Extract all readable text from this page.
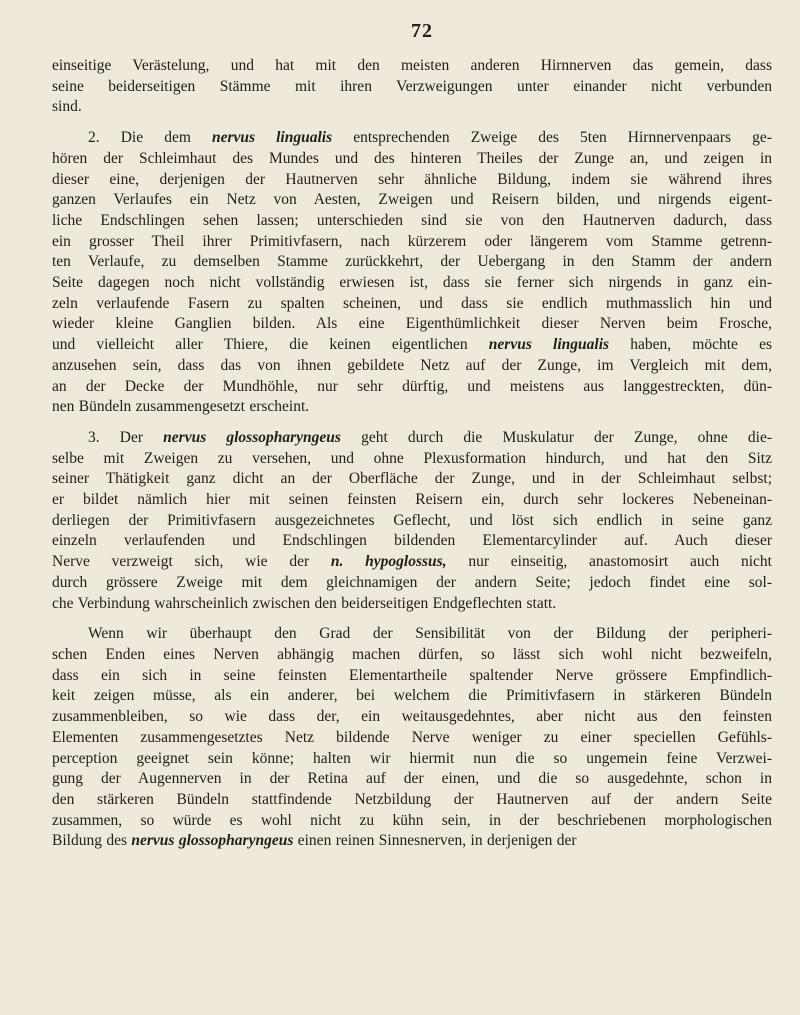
72

einseitige Verästelung, und hat mit den meisten anderen Hirnnerven das gemein, dass
seine beiderseitigen Stämme mit ihren Verzweigungen unter einander nicht verbunden
sind.

2. Die dem nervus lingualis entsprechenden Zweige des 5ten Hirnnervenpaars ge-
hören der Schleimhaut des Mundes und des hinteren Theiles der Zunge an, und zeigen in
dieser eine, derjenigen der Hautnerven sehr ähnliche Bildung, indem sie während ihres
ganzen Verlaufes ein Netz von Aesten, Zweigen und Reisern bilden, und nirgends eigent-
liche Endschlingen sehen lassen; unterschieden sind sie von den Hautnerven dadurch, dass
ein grosser Theil ihrer Primitivfasern, nach kürzerem oder längerem vom Stamme getrenn-
ten Verlaufe, zu demselben Stamme zurückkehrt, der Uebergang in den Stamm der andern
Seite dagegen noch nicht vollständig erwiesen ist, dass sie ferner sich nirgends in ganz ein-
zeln verlaufende Fasern zu spalten scheinen, und dass sie endlich muthmasslich hin und
wieder kleine Ganglien bilden. Als eine Eigenthümlichkeit dieser Nerven beim Frosche,
und vielleicht aller Thiere, die keinen eigentlichen nervus lingualis haben, möchte es
anzusehen sein, dass das von ihnen gebildete Netz auf der Zunge, im Vergleich mit dem,
an der Decke der Mundhöhle, nur sehr dürftig, und meistens aus langgestreckten, dün-
nen Bündeln zusammengesetzt erscheint.

3. Der nervus glossopharyngeus geht durch die Muskulatur der Zunge, ohne die-
selbe mit Zweigen zu versehen, und ohne Plexusformation hindurch, und hat den Sitz
seiner Thätigkeit ganz dicht an der Oberfläche der Zunge, und in der Schleimhaut selbst;
er bildet nämlich hier mit seinen feinsten Reisern ein, durch sehr lockeres Nebeneinan-
derliegen der Primitivfasern ausgezeichnetes Geflecht, und löst sich endlich in seine ganz
einzeln verlaufenden und Endschlingen bildenden Elementarcylinder auf. Auch dieser
Nerve verzweigt sich, wie der n. hypoglossus, nur einseitig, anastomosirt auch nicht
durch grössere Zweige mit dem gleichnamigen der andern Seite; jedoch findet eine sol-
che Verbindung wahrscheinlich zwischen den beiderseitigen Endgeflechten statt.

Wenn wir überhaupt den Grad der Sensibilität von der Bildung der peripheri-
schen Enden eines Nerven abhängig machen dürfen, so lässt sich wohl nicht bezweifeln,
dass ein sich in seine feinsten Elementartheile spaltender Nerve grössere Empfindlich-
keit zeigen müsse, als ein anderer, bei welchem die Primitivfasern in stärkeren Bündeln
zusammenbleiben, so wie dass der, ein weitausgedehntes, aber nicht aus den feinsten
Elementen zusammengesetztes Netz bildende Nerve weniger zu einer speciellen Gefühls-
perception geeignet sein könne; halten wir hiermit nun die so ungemein feine Verzwei-
gung der Augennerven in der Retina auf der einen, und die so ausgedehnte, schon in
den stärkeren Bündeln stattfindende Netzbildung der Hautnerven auf der andern Seite
zusammen, so würde es wohl nicht zu kühn sein, in der beschriebenen morphologischen
Bildung des nervus glossopharyngeus einen reinen Sinnesnerven, in derjenigen der
